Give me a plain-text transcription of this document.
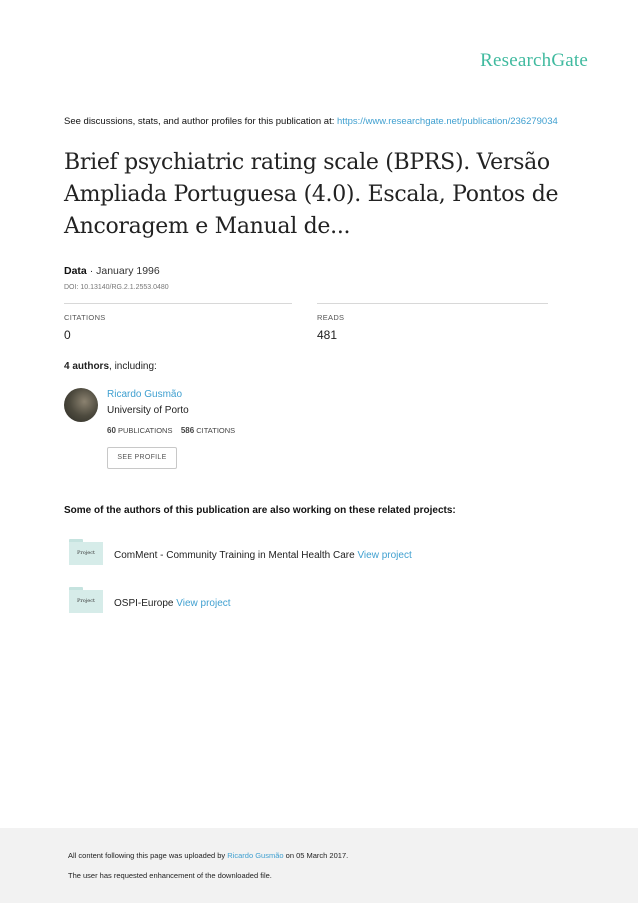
ResearchGate
See discussions, stats, and author profiles for this publication at: https://www.researchgate.net/publication/236279034
Brief psychiatric rating scale (BPRS). Versão Ampliada Portuguesa (4.0). Escala, Pontos de Ancoragem e Manual de...
Data · January 1996
DOI: 10.13140/RG.2.1.2553.0480
CITATIONS
0
READS
481
4 authors, including:
Ricardo Gusmão
University of Porto
60 PUBLICATIONS 586 CITATIONS
SEE PROFILE
Some of the authors of this publication are also working on these related projects:
Project	ComMent - Community Training in Mental Health Care View project
Project	OSPI-Europe View project
All content following this page was uploaded by Ricardo Gusmão on 05 March 2017.
The user has requested enhancement of the downloaded file.
